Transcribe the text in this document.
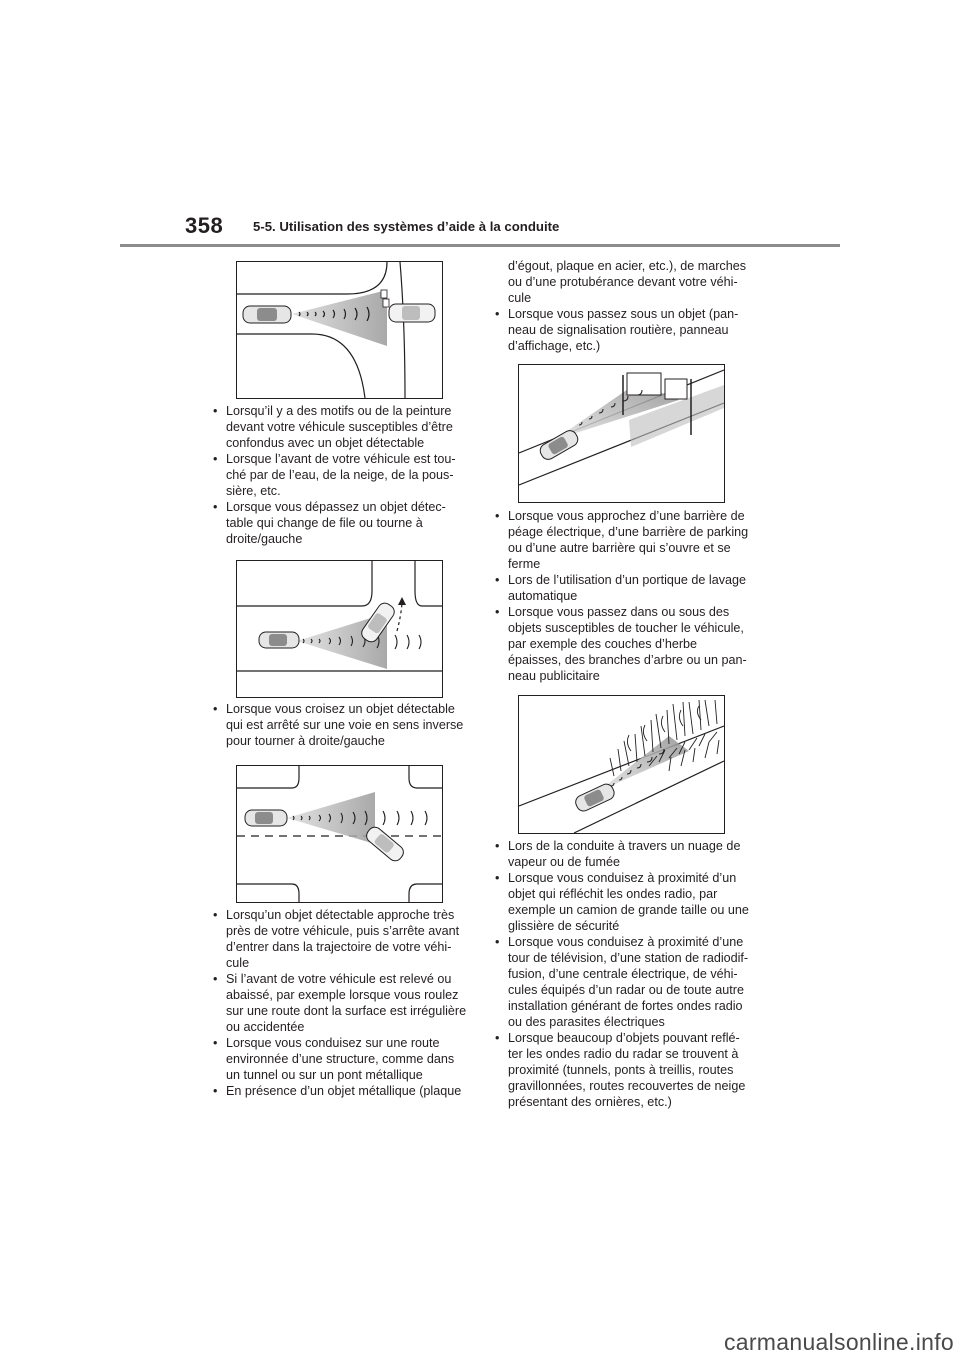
358 5-5. Utilisation des systèmes d’aide à la conduite
• Lorsqu’il y a des motifs ou de la peinture devant votre véhicule susceptibles d’être confondus avec un objet détectable
• Lorsque l’avant de votre véhicule est tou-ché par de l’eau, de la neige, de la pous-sière, etc.
• Lorsque vous dépassez un objet détec-table qui change de file ou tourne à droite/gauche
• Lorsque vous croisez un objet détectable qui est arrêté sur une voie en sens inverse pour tourner à droite/gauche
• Lorsqu’un objet détectable approche très près de votre véhicule, puis s’arrête avant d’entrer dans la trajectoire de votre véhi-cule
• Si l’avant de votre véhicule est relevé ou abaissé, par exemple lorsque vous roulez sur une route dont la surface est irrégulière ou accidentée
• Lorsque vous conduisez sur une route environnée d’une structure, comme dans un tunnel ou sur un pont métallique
• En présence d’un objet métallique (plaque
d’égout, plaque en acier, etc.), de marches ou d’une protubérance devant votre véhi-cule
• Lorsque vous passez sous un objet (pan-neau de signalisation routière, panneau d’affichage, etc.)
• Lorsque vous approchez d’une barrière de péage électrique, d’une barrière de parking ou d’une autre barrière qui s’ouvre et se ferme
• Lors de l’utilisation d’un portique de lavage automatique
• Lorsque vous passez dans ou sous des objets susceptibles de toucher le véhicule, par exemple des couches d’herbe épaisses, des branches d’arbre ou un pan-neau publicitaire
• Lors de la conduite à travers un nuage de vapeur ou de fumée
• Lorsque vous conduisez à proximité d’un objet qui réfléchit les ondes radio, par exemple un camion de grande taille ou une glissière de sécurité
• Lorsque vous conduisez à proximité d’une tour de télévision, d’une station de radiodif-fusion, d’une centrale électrique, de véhi-cules équipés d’un radar ou de toute autre installation générant de fortes ondes radio ou des parasites électriques
• Lorsque beaucoup d’objets pouvant reflé-ter les ondes radio du radar se trouvent à proximité (tunnels, ponts à treillis, routes gravillonnées, routes recouvertes de neige présentant des ornières, etc.)
carmanualsonline.info
